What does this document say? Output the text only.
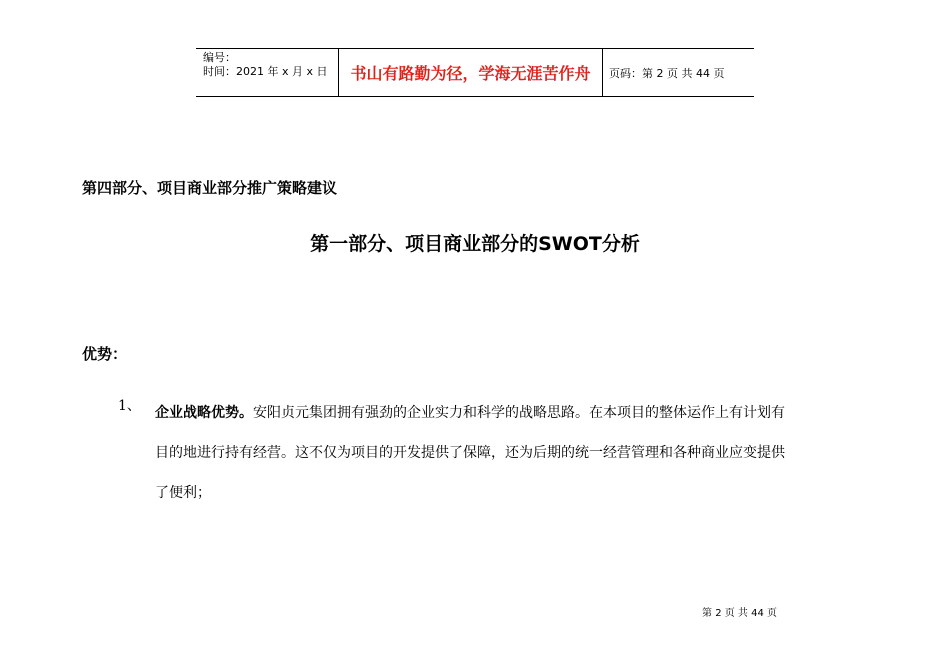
编号：
时间：2021 年 x 月 x 日	书山有路勤为径，学海无涯苦作舟	页码：第 2 页 共 44 页
第四部分、项目商业部分推广策略建议
第一部分、项目商业部分的SWOT分析
优势：
1、 企业战略优势。安阳贞元集团拥有强劲的企业实力和科学的战略思路。在本项目的整体运作上有计划有
目的地进行持有经营。这不仅为项目的开发提供了保障，还为后期的统一经营管理和各种商业应变提供
了便利；
第 2 页 共 44 页
